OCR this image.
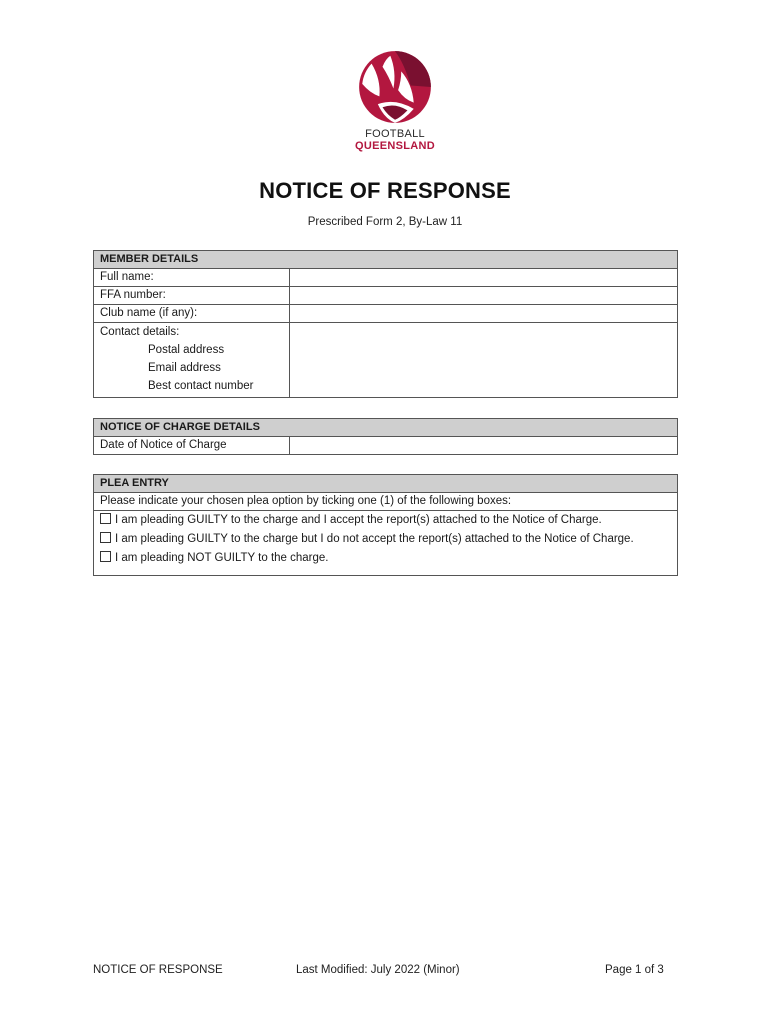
FOOTBALL
QUEENSLAND
NOTICE OF RESPONSE
Prescribed Form 2, By-Law 11
MEMBER DETAILS	
Full name:	
FFA number:	
Club name (if any):	

Contact details:
Postal address
Email address
Best contact number	

NOTICE OF CHARGE DETAILS
Date of Notice of Charge	
PLEA ENTRY
Please indicate your chosen plea option by ticking one (1) of the following boxes:
I am pleading GUILTY to the charge and I accept the report(s) attached to the Notice of Charge.
I am pleading GUILTY to the charge but I do not accept the report(s) attached to the Notice of Charge.
I am pleading NOT GUILTY to the charge.
NOTICE OF RESPONSE	Last Modified: July 2022 (Minor)	Page 1 of 3
